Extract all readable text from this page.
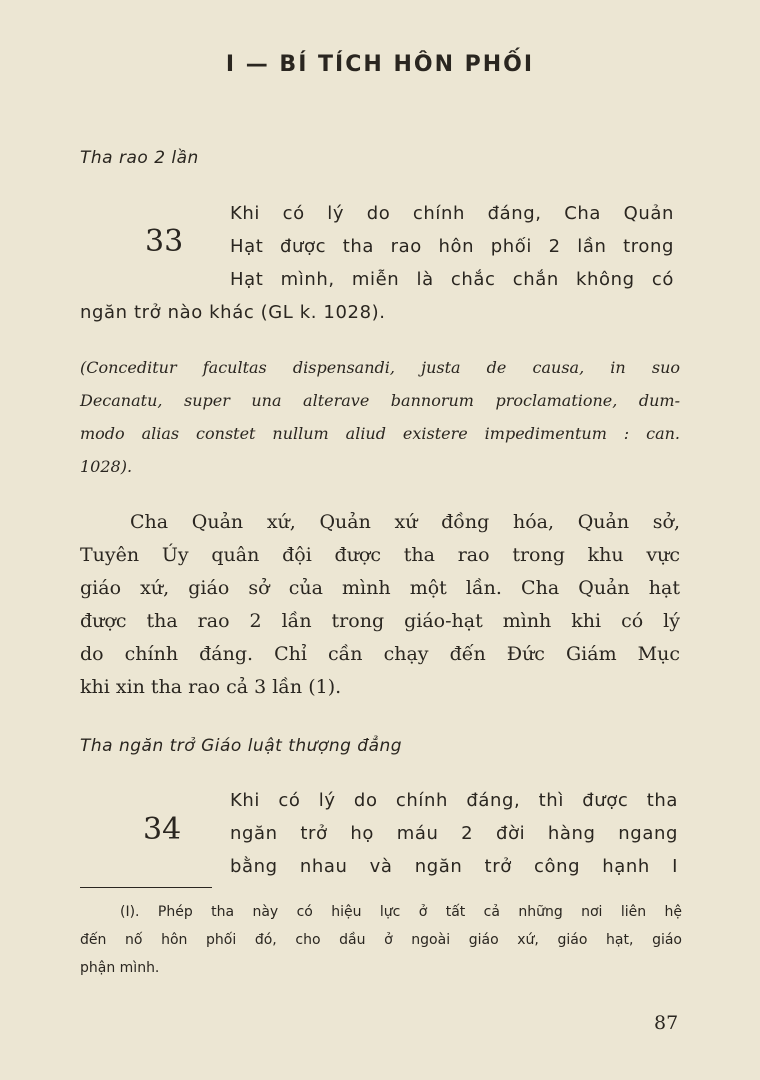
I — BÍ TÍCH HÔN PHỐI
Tha rao 2 lần
33
Khi có lý do chính đáng, Cha Quản
Hạt được tha rao hôn phối 2 lần trong
Hạt mình, miễn là chắc chắn không có
ngăn trở nào khác (GL k. 1028).
(Conceditur facultas dispensandi, justa de causa, in suo
Decanatu, super una alterave bannorum proclamatione, dum-
modo alias constet nullum aliud existere impedimentum : can.
1028).
Cha Quản xứ, Quản xứ đồng hóa, Quản sở,
Tuyên Úy quân đội được tha rao trong khu vực
giáo xứ, giáo sở của mình một lần. Cha Quản hạt
được tha rao 2 lần trong giáo-hạt mình khi có lý
do chính đáng. Chỉ cần chạy đến Đức Giám Mục
khi xin tha rao cả 3 lần (1).
Tha ngăn trở Giáo luật thượng đẳng
34
Khi có lý do chính đáng, thì được tha
ngăn trở họ máu 2 đời hàng ngang
bằng nhau và ngăn trở công hạnh I
(I). Phép tha này có hiệu lực ở tất cả những nơi liên hệ
đến nố hôn phối đó, cho dầu ở ngoài giáo xứ, giáo hạt, giáo
phận mình.
87
